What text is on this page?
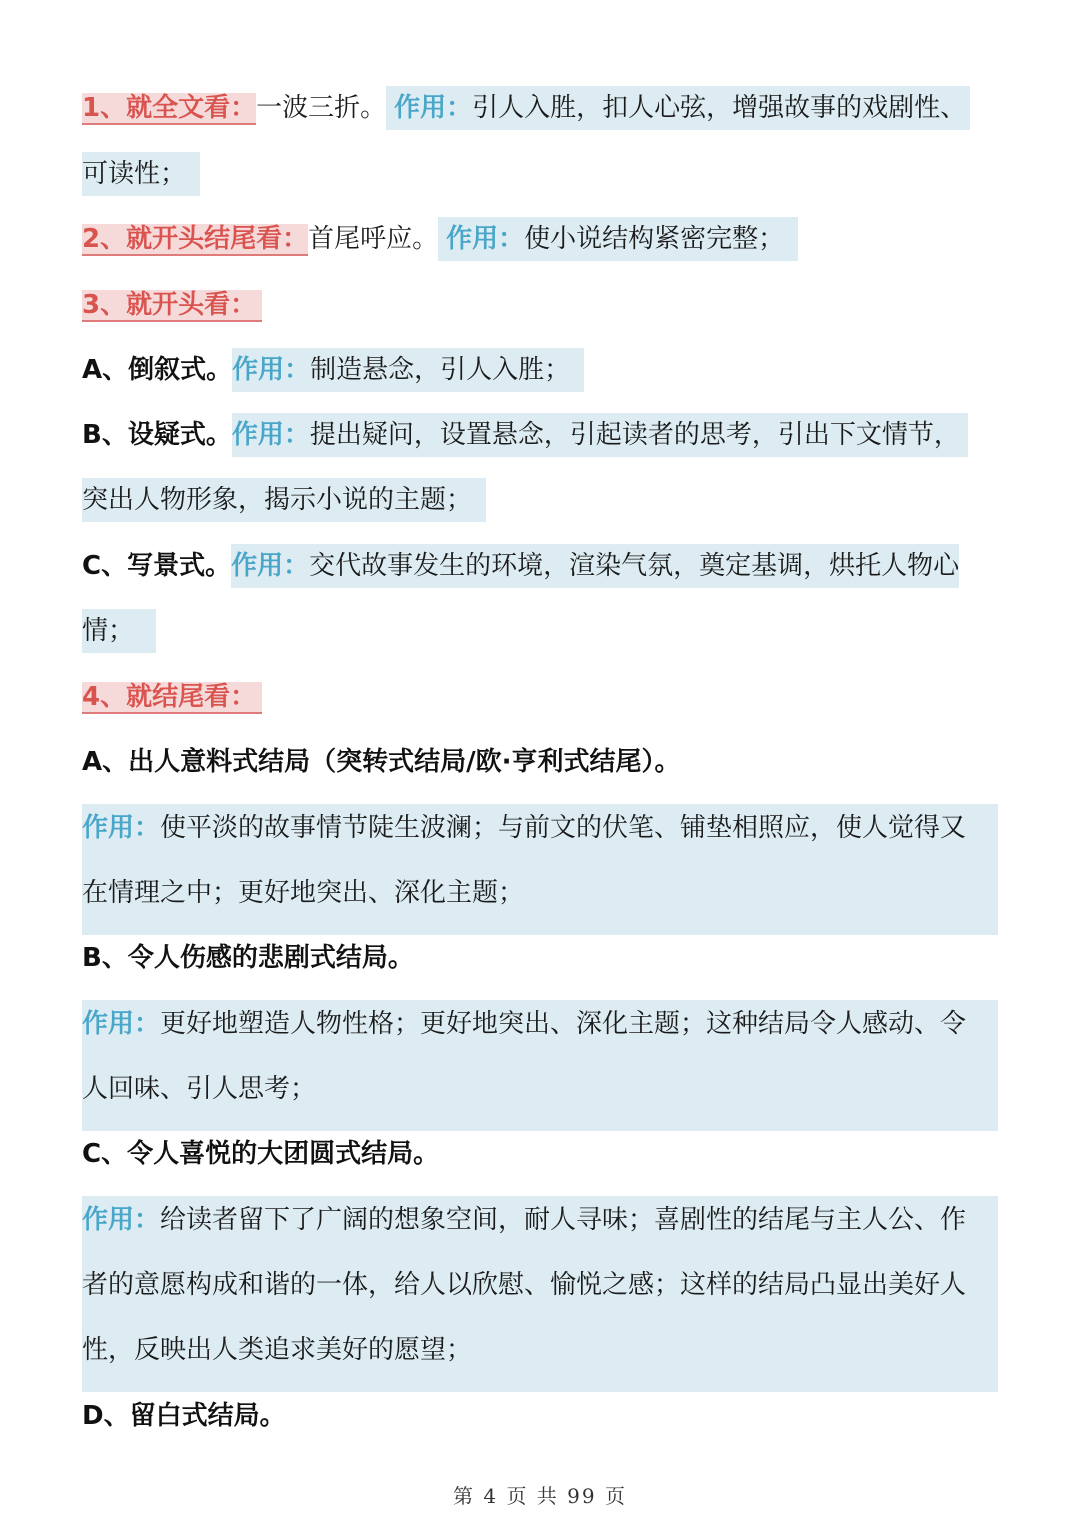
1、就全文看：一波三折。 作用：引人入胜，扣人心弦，增强故事的戏剧性、
可读性；
2、就开头结尾看：首尾呼应。 作用：使小说结构紧密完整；
3、就开头看：
A、倒叙式。作用：制造悬念，引人入胜；
B、设疑式。作用：提出疑问，设置悬念，引起读者的思考，引出下文情节，
突出人物形象，揭示小说的主题；
C、写景式。作用：交代故事发生的环境，渲染气氛，奠定基调，烘托人物心
情；
4、就结尾看：
A、出人意料式结局（突转式结局/欧·亨利式结尾）。
作用：使平淡的故事情节陡生波澜；与前文的伏笔、铺垫相照应，使人觉得又
在情理之中；更好地突出、深化主题；
B、令人伤感的悲剧式结局。
作用：更好地塑造人物性格；更好地突出、深化主题；这种结局令人感动、令
人回味、引人思考；
C、令人喜悦的大团圆式结局。
作用：给读者留下了广阔的想象空间，耐人寻味；喜剧性的结尾与主人公、作
者的意愿构成和谐的一体，给人以欣慰、愉悦之感；这样的结局凸显出美好人
性，反映出人类追求美好的愿望；
D、留白式结局。
第 4 页 共 99 页
